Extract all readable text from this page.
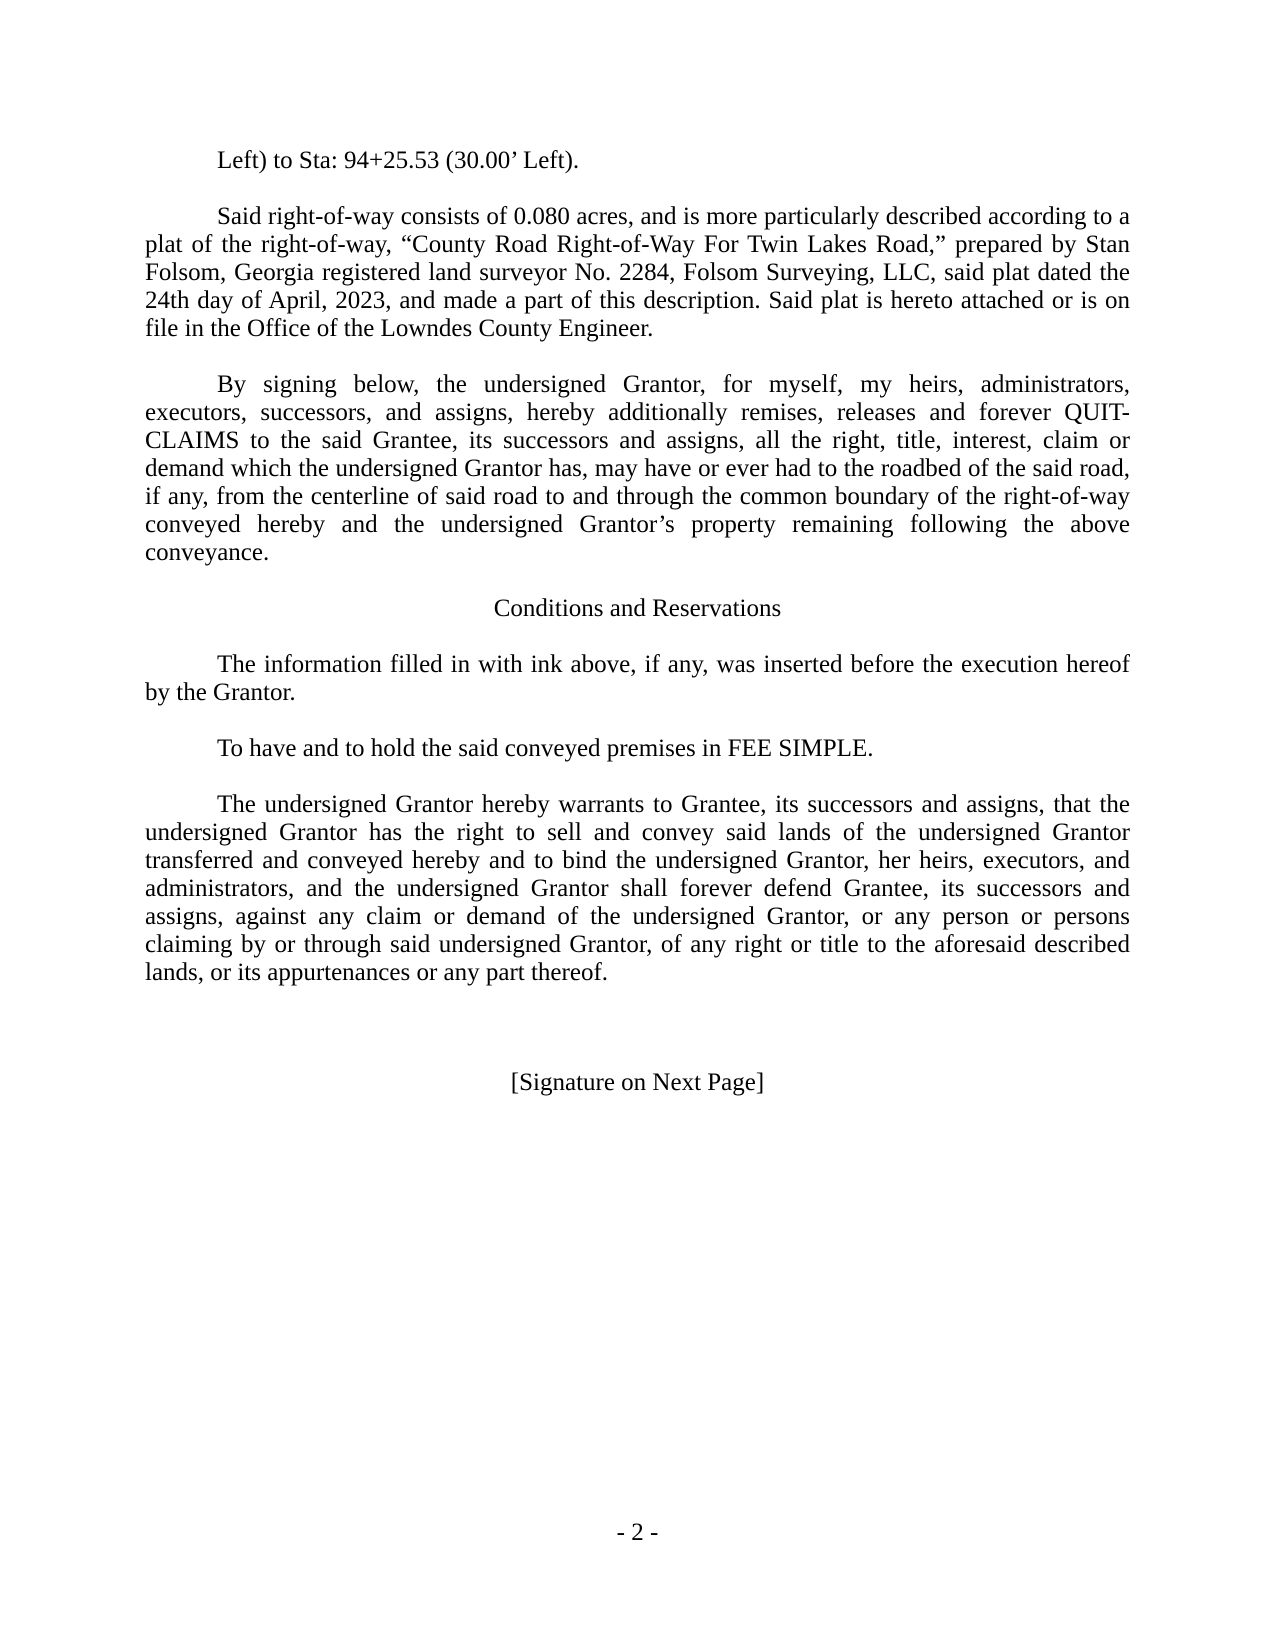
Left) to Sta: 94+25.53 (30.00’ Left).

Said right-of-way consists of 0.080 acres, and is more particularly described according to a plat of the right-of-way, “County Road Right-of-Way For Twin Lakes Road,” prepared by Stan Folsom, Georgia registered land surveyor No. 2284, Folsom Surveying, LLC, said plat dated the 24th day of April, 2023, and made a part of this description. Said plat is hereto attached or is on file in the Office of the Lowndes County Engineer.

By signing below, the undersigned Grantor, for myself, my heirs, administrators, executors, successors, and assigns, hereby additionally remises, releases and forever QUIT-CLAIMS to the said Grantee, its successors and assigns, all the right, title, interest, claim or demand which the undersigned Grantor has, may have or ever had to the roadbed of the said road, if any, from the centerline of said road to and through the common boundary of the right-of-way conveyed hereby and the undersigned Grantor’s property remaining following the above conveyance.

Conditions and Reservations

The information filled in with ink above, if any, was inserted before the execution hereof by the Grantor.

To have and to hold the said conveyed premises in FEE SIMPLE.

The undersigned Grantor hereby warrants to Grantee, its successors and assigns, that the undersigned Grantor has the right to sell and convey said lands of the undersigned Grantor transferred and conveyed hereby and to bind the undersigned Grantor, her heirs, executors, and administrators, and the undersigned Grantor shall forever defend Grantee, its successors and assigns, against any claim or demand of the undersigned Grantor, or any person or persons claiming by or through said undersigned Grantor, of any right or title to the aforesaid described lands, or its appurtenances or any part thereof.

[Signature on Next Page]

- 2 -
